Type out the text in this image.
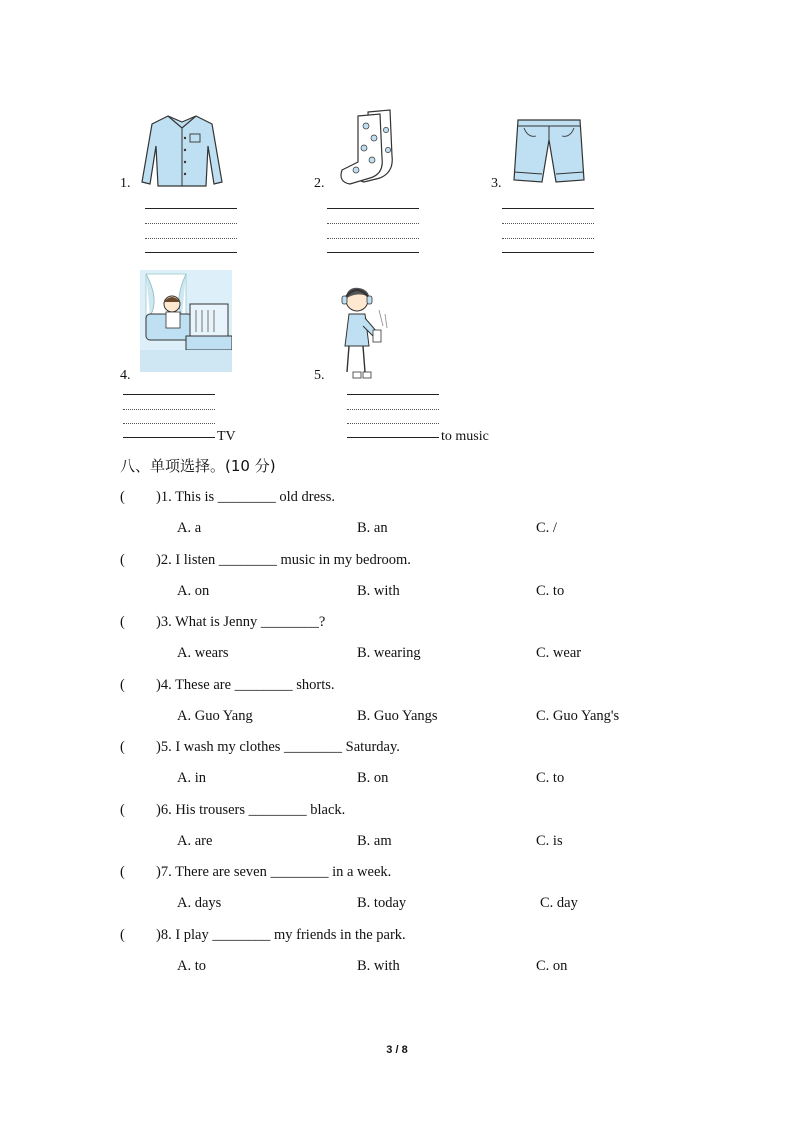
1.	2.	3.
4.
TV
5.
to music
八、单项选择。(10 分)
( )1. This is ________ old dress.
A. a	B. an	C. /
( )2. I listen ________ music in my bedroom.
A. on	B. with	C. to
( )3. What is Jenny ________?
A. wears	B. wearing	C. wear
( )4. These are ________ shorts.
A. Guo Yang	B. Guo Yangs	C. Guo Yang's
( )5. I wash my clothes ________ Saturday.
A. in	B. on	C. to
( )6. His trousers ________ black.
A. are	B. am	C. is
( )7. There are seven ________ in a week.
A. days	B. today	C. day
( )8. I play ________ my friends in the park.
A. to	B. with	C. on
3 / 8
